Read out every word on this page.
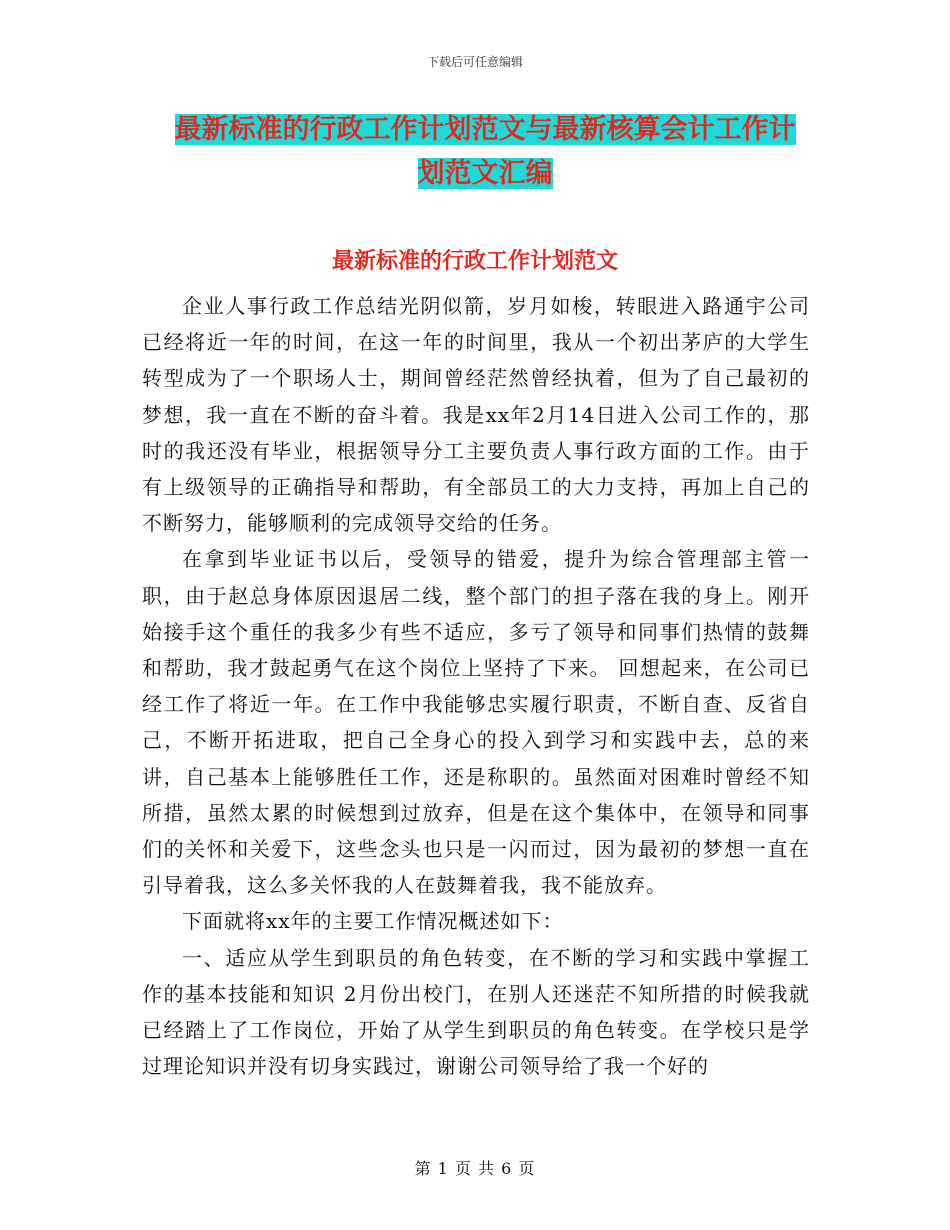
下载后可任意编辑
最新标准的行政工作计划范文与最新核算会计工作计
划范文汇编
最新标准的行政工作计划范文

企业人事行政工作总结光阴似箭，岁月如梭，转眼进入路通宇公司已经将近一年的时间，在这一年的时间里，我从一个初出茅庐的大学生转型成为了一个职场人士，期间曾经茫然曾经执着，但为了自己最初的梦想，我一直在不断的奋斗着。我是xx年2月14日进入公司工作的，那时的我还没有毕业，根据领导分工主要负责人事行政方面的工作。由于有上级领导的正确指导和帮助，有全部员工的大力支持，再加上自己的不断努力，能够顺利的完成领导交给的任务。

在拿到毕业证书以后，受领导的错爱，提升为综合管理部主管一职，由于赵总身体原因退居二线，整个部门的担子落在我的身上。刚开始接手这个重任的我多少有些不适应，多亏了领导和同事们热情的鼓舞和帮助，我才鼓起勇气在这个岗位上坚持了下来。 回想起来，在公司已经工作了将近一年。在工作中我能够忠实履行职责，不断自查、反省自己，不断开拓进取，把自己全身心的投入到学习和实践中去，总的来讲，自己基本上能够胜任工作，还是称职的。虽然面对困难时曾经不知所措，虽然太累的时候想到过放弃，但是在这个集体中，在领导和同事们的关怀和关爱下，这些念头也只是一闪而过，因为最初的梦想一直在引导着我，这么多关怀我的人在鼓舞着我，我不能放弃。

下面就将xx年的主要工作情况概述如下：

一、适应从学生到职员的角色转变，在不断的学习和实践中掌握工作的基本技能和知识 2月份出校门，在别人还迷茫不知所措的时候我就已经踏上了工作岗位，开始了从学生到职员的角色转变。在学校只是学过理论知识并没有切身实践过，谢谢公司领导给了我一个好的

第 1 页 共 6 页
